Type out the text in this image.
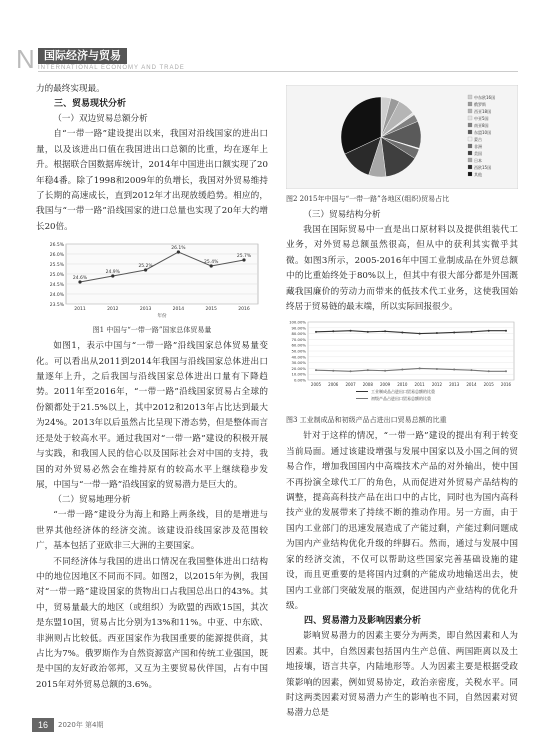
N 国际经济与贸易
INTERNATIONAL ECONOMY AND TRADE

力的最终实现最。

三、贸易现状分析
（一）双边贸易总额分析

自“一带一路”建设提出以来，我国对沿线国家的进出口量，以及该进出口值在我国进出口总额的比重，均在逐年上升。根据联合国数据库统计，2014年中国进出口额实现了20年稳4番。除了1998和2009年的负增长，我国对外贸易维持了长期的高速成长，直到2012年才出现放缓趋势。相应的，我国与“一带一路”沿线国家的进口总量也实现了20年大约增长20倍。

23.5%
24.0%
24.5%
25.0%
25.5%
26.0%
26.5%
2011	2012	2013	2014	2015	2016
年份
24.6%
24.9%
25.2%
26.1%
25.4%
25.7%
图1 中国与“一带一路”国家总体贸易量

如图1，表示中国与“一带一路”沿线国家总体贸易量变化。可以看出从2011到2014年我国与沿线国家总体进出口量逐年上升，之后我国与沿线国家总体进出口量有下降趋势。2011年至2016年，“一带一路”沿线国家贸易占全球的份额都处于21.5%以上，其中2012和2013年占比达到最大为24%。2013年以后虽然占比呈现下滑态势，但是整体而言还是处于较高水平。通过我国对“一带一路”建设的积极开展与实践，和我国人民的信心以及国际社会对中国的支持，我国的对外贸易必然会在维持原有的较高水平上继续稳步发展，中国与“一带一路”沿线国家的贸易潜力是巨大的。

（二）贸易地理分析

“一带一路”建设分为海上和路上两条线，目的是增进与世界其他经济体的经济交流。该建设沿线国家涉及范围较广，基本包括了亚欧非三大洲的主要国家。

不同经济体与我国的进出口情况在我国整体进出口结构中的地位因地区不同而不同。如图2，以2015年为例，我国对“一带一路”建设国家的货物出口占我国总出口的43%。其中，贸易量最大的地区（或组织）为欧盟的西欧15国，其次是东盟10国，贸易占比分别为13%和11%。中亚、中东欧、非洲则占比较低。西亚国家作为我国重要的能源提供商，其占比为7%。俄罗斯作为自然资源富产国和传统工业强国，既是中国的友好政治邻邦，又互为主要贸易伙伴国，占有中国2015年对外贸易总额的3.6%。

中东欧16国
俄罗斯
西亚18国
中亚5国
南亚8国
东盟10国
蒙古
非洲
美国
日本
西欧15国
其他
图2 2015年中国与“一带一路”各地区(组织)贸易占比
（三）贸易结构分析

我国在国际贸易中一直是出口原材料以及提供组装代工业务，对外贸易总额虽然很高，但从中的获利其实微乎其微。如图3所示，2005-2016年中国工业制成品在外贸总额中的比重始终处于80%以上，但其中有很大部分都是外国溉藏我国廉价的劳动力而带来的低技术代工业务，这使我国始终居于贸易链的最末端，所以实际回报很少。

0.00%
10.00%
20.00%
30.00%
40.00%
50.00%
60.00%
70.00%
80.00%
90.00%
100.00%
2005 2006 2007 2008 2009 2010 2011 2012 2013 2014 2015 2016
工业制成品占进出口贸易总额的比重
初级产品占进出口贸易总额的比重
图3 工业制成品和初级产品占进出口贸易总额的比重

针对于这样的情况，“一带一路”建设的提出有利于转变当前局面。通过该建设增强与发展中国家以及小国之间的贸易合作，增加我国国内中高端技术产品的对外输出，使中国不再扮演全球代工厂的角色，从而促进对外贸易产品结构的调整，提高高科技产品在出口中的占比，同时也为国内高科技产业的发展带来了持续不断的推动作用。另一方面，由于国内工业部门的迅速发展造成了产能过剩，产能过剩问题成为国内产业结构优化升级的绊脚石。然而，通过与发展中国家的经济交流，不仅可以帮助这些国家完善基础设施的建设，而且更重要的是将国内过剩的产能成功地输送出去，使国内工业部门突破发展的瓶颈，促进国内产业结构的优化升级。

四、贸易潜力及影响因素分析

影响贸易潜力的因素主要分为两类，即自然因素和人为因素。其中，自然因素包括国内生产总值、两国距离以及土地接壤，语言共享，内陆地形等。人为因素主要是根据受政策影响的因素，例如贸易协定，政治亲密度，关税水平。同时这两类因素对贸易潜力产生的影响也不同，自然因素对贸易潜力总是

16	2020年 第4期
